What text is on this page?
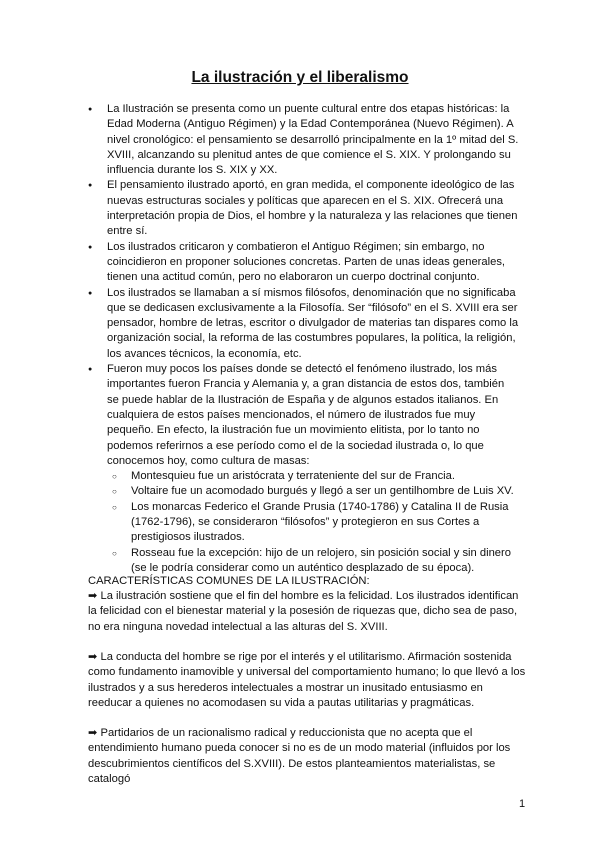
La ilustración y el liberalismo
● La Ilustración se presenta como un puente cultural entre dos etapas históricas: la Edad Moderna (Antiguo Régimen) y la Edad Contemporánea (Nuevo Régimen). A nivel cronológico: el pensamiento se desarrolló principalmente en la 1º mitad del S. XVIII, alcanzando su plenitud antes de que comience el S. XIX. Y prolongando su influencia durante los S. XIX y XX.
● El pensamiento ilustrado aportó, en gran medida, el componente ideológico de las nuevas estructuras sociales y políticas que aparecen en el S. XIX. Ofrecerá una interpretación propia de Dios, el hombre y la naturaleza y las relaciones que tienen entre sí.
● Los ilustrados criticaron y combatieron el Antiguo Régimen; sin embargo, no coincidieron en proponer soluciones concretas. Parten de unas ideas generales, tienen una actitud común, pero no elaboraron un cuerpo doctrinal conjunto.
● Los ilustrados se llamaban a sí mismos filósofos, denominación que no significaba que se dedicasen exclusivamente a la Filosofía. Ser “filósofo” en el S. XVIII era ser pensador, hombre de letras, escritor o divulgador de materias tan dispares como la organización social, la reforma de las costumbres populares, la política, la religión, los avances técnicos, la economía, etc.
● Fueron muy pocos los países donde se detectó el fenómeno ilustrado, los más importantes fueron Francia y Alemania y, a gran distancia de estos dos, también se puede hablar de la Ilustración de España y de algunos estados italianos. En cualquiera de estos países mencionados, el número de ilustrados fue muy pequeño. En efecto, la ilustración fue un movimiento elitista, por lo tanto no podemos referirnos a ese período como el de la sociedad ilustrada o, lo que conocemos hoy, como cultura de masas:
○ Montesquieu fue un aristócrata y terrateniente del sur de Francia.
○ Voltaire fue un acomodado burgués y llegó a ser un gentilhombre de Luis XV.
○ Los monarcas Federico el Grande Prusia (1740-1786) y Catalina II de Rusia (1762-1796), se consideraron “filósofos” y protegieron en sus Cortes a prestigiosos ilustrados.
○ Rosseau fue la excepción: hijo de un relojero, sin posición social y sin dinero (se le podría considerar como un auténtico desplazado de su época).
CARACTERÍSTICAS COMUNES DE LA ILUSTRACIÓN:
➡ La ilustración sostiene que el fin del hombre es la felicidad. Los ilustrados identifican la felicidad con el bienestar material y la posesión de riquezas que, dicho sea de paso, no era ninguna novedad intelectual a las alturas del S. XVIII.
➡ La conducta del hombre se rige por el interés y el utilitarismo. Afirmación sostenida como fundamento inamovible y universal del comportamiento humano; lo que llevó a los ilustrados y a sus herederos intelectuales a mostrar un inusitado entusiasmo en reeducar a quienes no acomodasen su vida a pautas utilitarias y pragmáticas.
➡ Partidarios de un racionalismo radical y reduccionista que no acepta que el entendimiento humano pueda conocer si no es de un modo material (influidos por los descubrimientos científicos del S.XVIII). De estos planteamientos materialistas, se catalogó
1
